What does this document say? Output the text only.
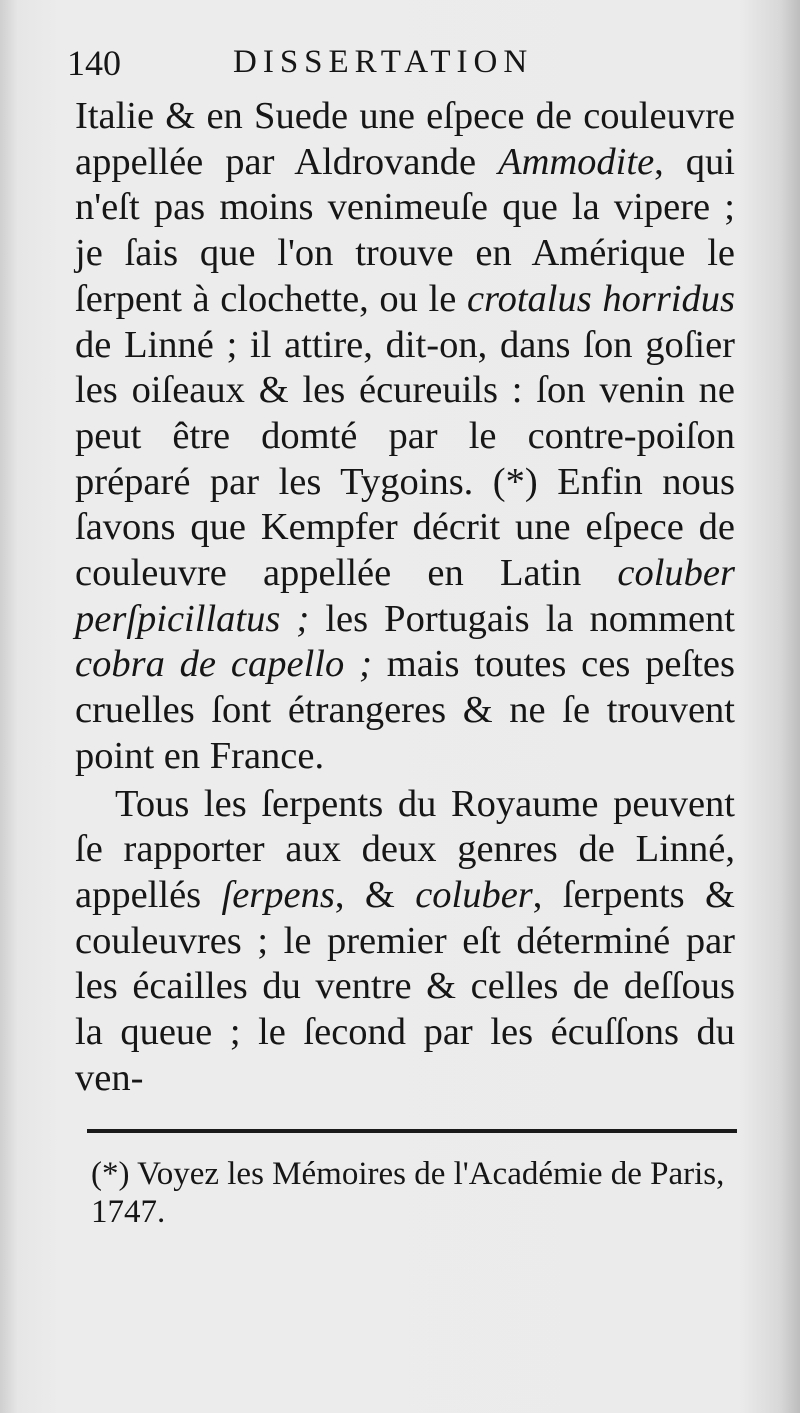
140	DISSERTATION

Italie & en Suede une eſpece de couleuvre appellée par Aldrovande Ammodite, qui n'eſt pas moins venimeuſe que la vipere ; je ſais que l'on trouve en Amérique le ſerpent à clochette, ou le crotalus horridus de Linné ; il attire, dit-on, dans ſon goſier les oiſeaux & les écureuils : ſon venin ne peut être domté par le contre-poiſon préparé par les Tygoins. (*) Enfin nous ſavons que Kempfer décrit une eſpece de couleuvre appellée en Latin coluber perſpicillatus ; les Portugais la nomment cobra de capello ; mais toutes ces peſtes cruelles ſont étrangeres & ne ſe trouvent point en France.

Tous les ſerpents du Royaume peuvent ſe rapporter aux deux genres de Linné, appellés ſerpens, & coluber, ſerpents & couleuvres ; le premier eſt déterminé par les écailles du ventre & celles de deſſous la queue ; le ſecond par les écuſſons du ven-

(*) Voyez les Mémoires de l'Académie de Paris, 1747.
